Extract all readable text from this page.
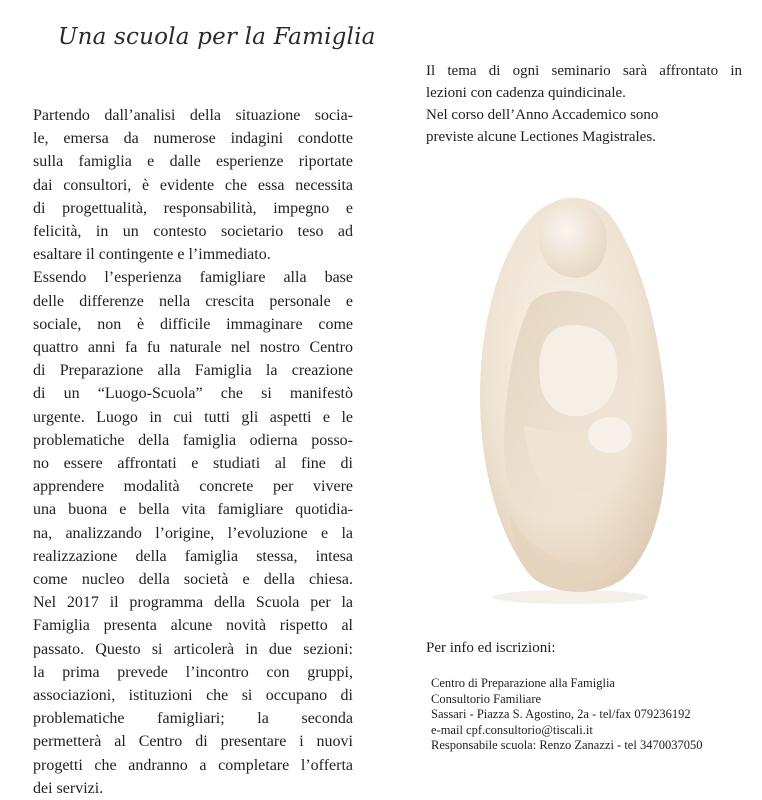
Una scuola per la Famiglia

Partendo dall’analisi della situazione socia-
le, emersa da numerose indagini condotte
sulla famiglia e dalle esperienze riportate
dai consultori, è evidente che essa necessita
di progettualità, responsabilità, impegno e
felicità, in un contesto societario teso ad
esaltare il contingente e l’immediato.
Essendo l’esperienza famigliare alla base
delle differenze nella crescita personale e
sociale, non è difficile immaginare come
quattro anni fa fu naturale nel nostro Centro
di Preparazione alla Famiglia la creazione
di un “Luogo-Scuola” che si manifestò
urgente. Luogo in cui tutti gli aspetti e le
problematiche della famiglia odierna posso-
no essere affrontati e studiati al fine di
apprendere modalità concrete per vivere
una buona e bella vita famigliare quotidia-
na, analizzando l’origine, l’evoluzione e la
realizzazione della famiglia stessa, intesa
come nucleo della società e della chiesa.
Nel 2017 il programma della Scuola per la
Famiglia presenta alcune novità rispetto al
passato. Questo si articolerà in due sezioni:
la prima prevede l’incontro con gruppi,
associazioni, istituzioni che si occupano di
problematiche famigliari; la seconda
permetterà al Centro di presentare i nuovi
progetti che andranno a completare l’offerta
dei servizi.

Il tema di ogni seminario sarà affrontato in
lezioni con cadenza quindicinale.
Nel corso dell’Anno Accademico sono
previste alcune Lectiones Magistrales.
Per info ed iscrizioni:
Centro di Preparazione alla Famiglia
Consultorio Familiare
Sassari - Piazza S. Agostino, 2a - tel/fax 079236192
e-mail cpf.consultorio@tiscali.it
Responsabile scuola: Renzo Zanazzi - tel 3470037050
